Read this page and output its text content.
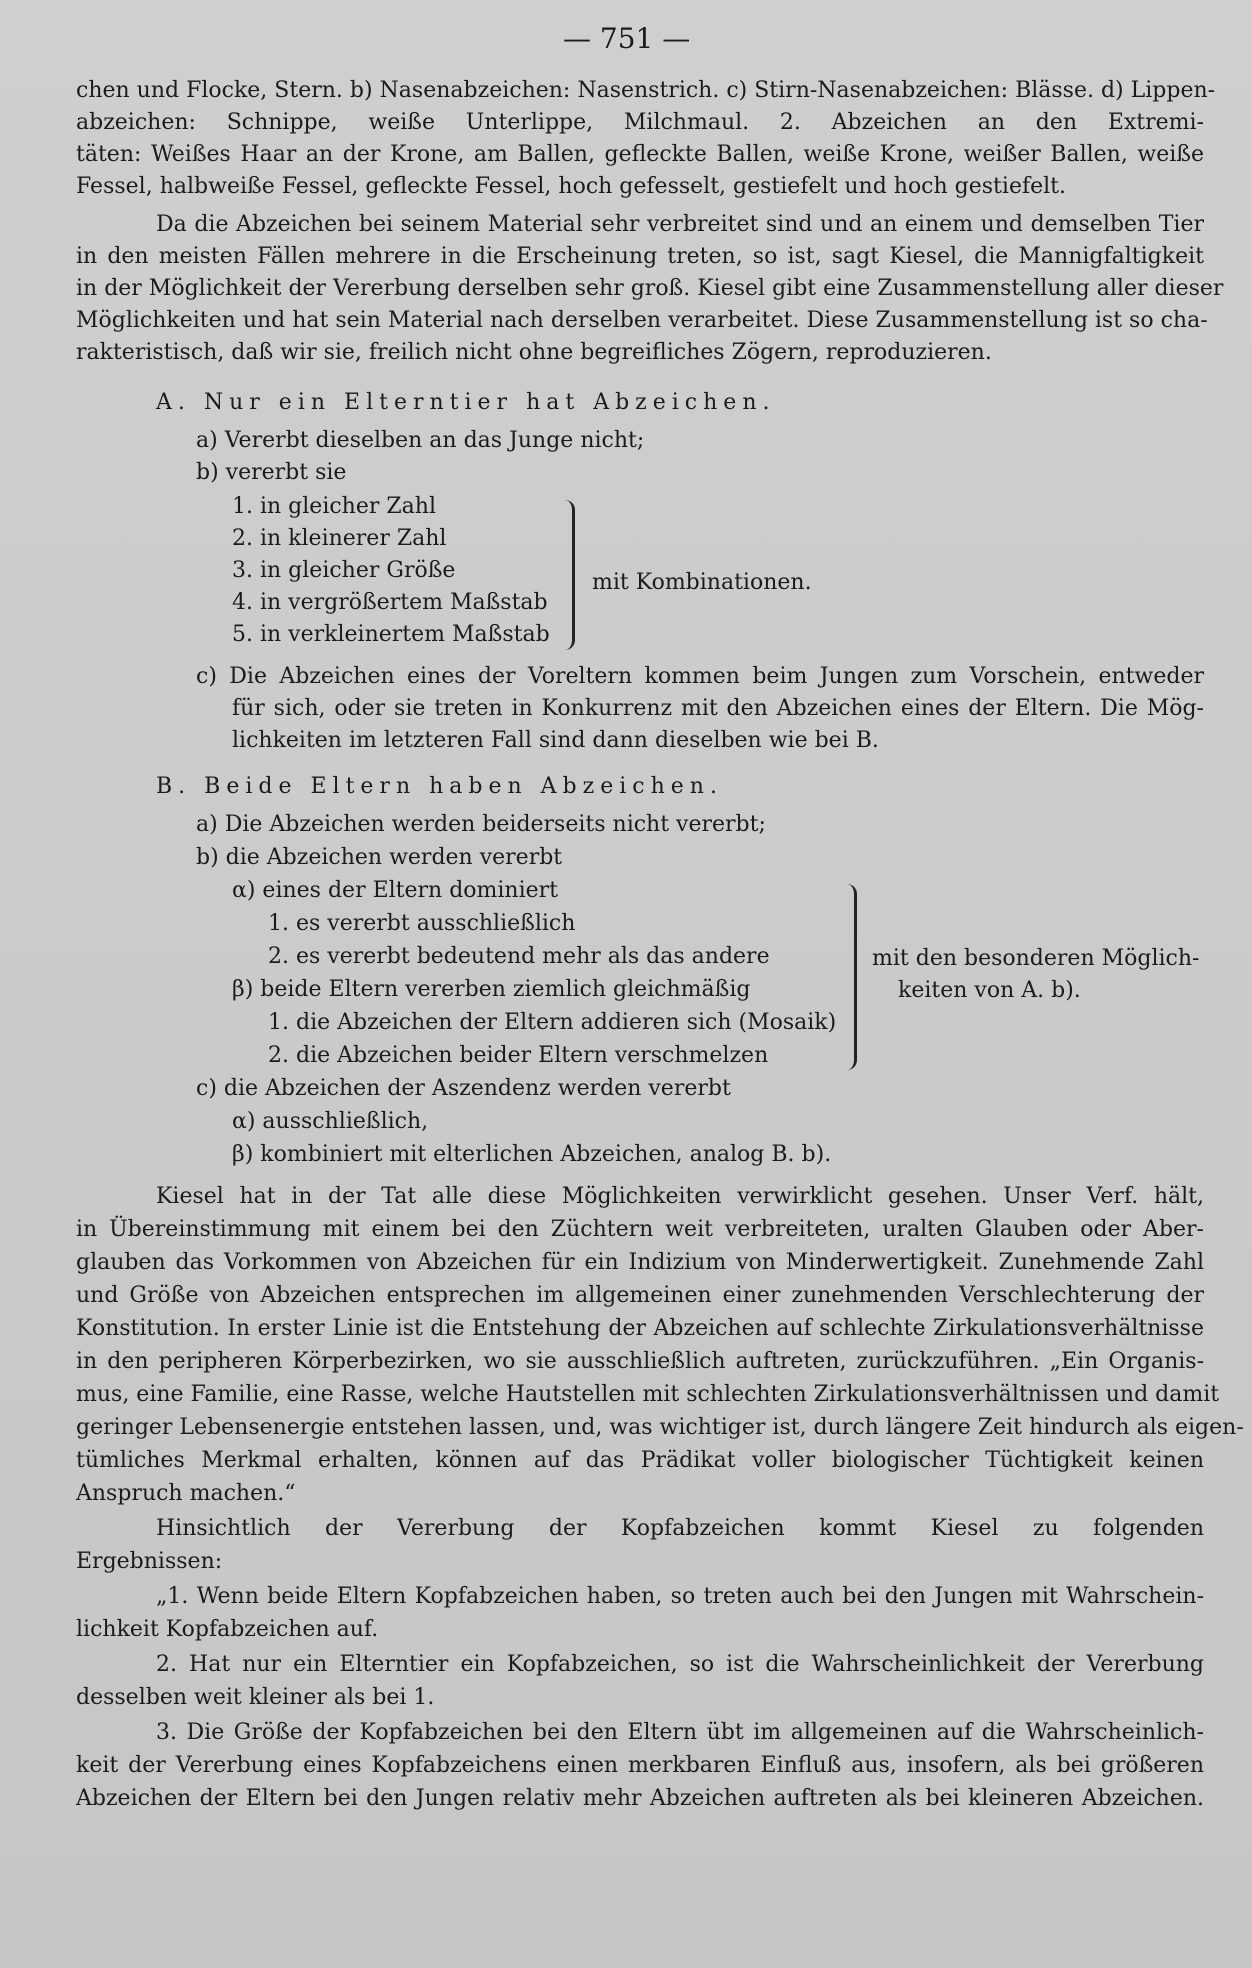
— 751 —
chen und Flocke, Stern. b) Nasenabzeichen: Nasenstrich. c) Stirn-Nasenabzeichen: Blässe. d) Lippen-
abzeichen: Schnippe, weiße Unterlippe, Milchmaul. 2. Abzeichen an den Extremi-
täten: Weißes Haar an der Krone, am Ballen, gefleckte Ballen, weiße Krone, weißer Ballen, weiße
Fessel, halbweiße Fessel, gefleckte Fessel, hoch gefesselt, gestiefelt und hoch gestiefelt.
Da die Abzeichen bei seinem Material sehr verbreitet sind und an einem und demselben Tier
in den meisten Fällen mehrere in die Erscheinung treten, so ist, sagt Kiesel, die Mannigfaltigkeit
in der Möglichkeit der Vererbung derselben sehr groß. Kiesel gibt eine Zusammenstellung aller dieser
Möglichkeiten und hat sein Material nach derselben verarbeitet. Diese Zusammenstellung ist so cha-
rakteristisch, daß wir sie, freilich nicht ohne begreifliches Zögern, reproduzieren.
A. Nur ein Elterntier hat Abzeichen.
a) Vererbt dieselben an das Junge nicht;
b) vererbt sie
1. in gleicher Zahl
2. in kleinerer Zahl
3. in gleicher Größe
4. in vergrößertem Maßstab
5. in verkleinertem Maßstab
mit Kombinationen.
c) Die Abzeichen eines der Voreltern kommen beim Jungen zum Vorschein, entweder
für sich, oder sie treten in Konkurrenz mit den Abzeichen eines der Eltern. Die Mög-
lichkeiten im letzteren Fall sind dann dieselben wie bei B.
B. Beide Eltern haben Abzeichen.
a) Die Abzeichen werden beiderseits nicht vererbt;
b) die Abzeichen werden vererbt
α) eines der Eltern dominiert
1. es vererbt ausschließlich
2. es vererbt bedeutend mehr als das andere
β) beide Eltern vererben ziemlich gleichmäßig
1. die Abzeichen der Eltern addieren sich (Mosaik)
2. die Abzeichen beider Eltern verschmelzen
mit den besonderen Möglich-
keiten von A. b).
c) die Abzeichen der Aszendenz werden vererbt
α) ausschließlich,
β) kombiniert mit elterlichen Abzeichen, analog B. b).
Kiesel hat in der Tat alle diese Möglichkeiten verwirklicht gesehen. Unser Verf. hält,
in Übereinstimmung mit einem bei den Züchtern weit verbreiteten, uralten Glauben oder Aber-
glauben das Vorkommen von Abzeichen für ein Indizium von Minderwertigkeit. Zunehmende Zahl
und Größe von Abzeichen entsprechen im allgemeinen einer zunehmenden Verschlechterung der
Konstitution. In erster Linie ist die Entstehung der Abzeichen auf schlechte Zirkulationsverhältnisse
in den peripheren Körperbezirken, wo sie ausschließlich auftreten, zurückzuführen. „Ein Organis-
mus, eine Familie, eine Rasse, welche Hautstellen mit schlechten Zirkulationsverhältnissen und damit
geringer Lebensenergie entstehen lassen, und, was wichtiger ist, durch längere Zeit hindurch als eigen-
tümliches Merkmal erhalten, können auf das Prädikat voller biologischer Tüchtigkeit keinen
Anspruch machen.“
Hinsichtlich der Vererbung der Kopfabzeichen kommt Kiesel zu folgenden
Ergebnissen:
„1. Wenn beide Eltern Kopfabzeichen haben, so treten auch bei den Jungen mit Wahrschein-
lichkeit Kopfabzeichen auf.
2. Hat nur ein Elterntier ein Kopfabzeichen, so ist die Wahrscheinlichkeit der Vererbung
desselben weit kleiner als bei 1.
3. Die Größe der Kopfabzeichen bei den Eltern übt im allgemeinen auf die Wahrscheinlich-
keit der Vererbung eines Kopfabzeichens einen merkbaren Einfluß aus, insofern, als bei größeren
Abzeichen der Eltern bei den Jungen relativ mehr Abzeichen auftreten als bei kleineren Abzeichen.
